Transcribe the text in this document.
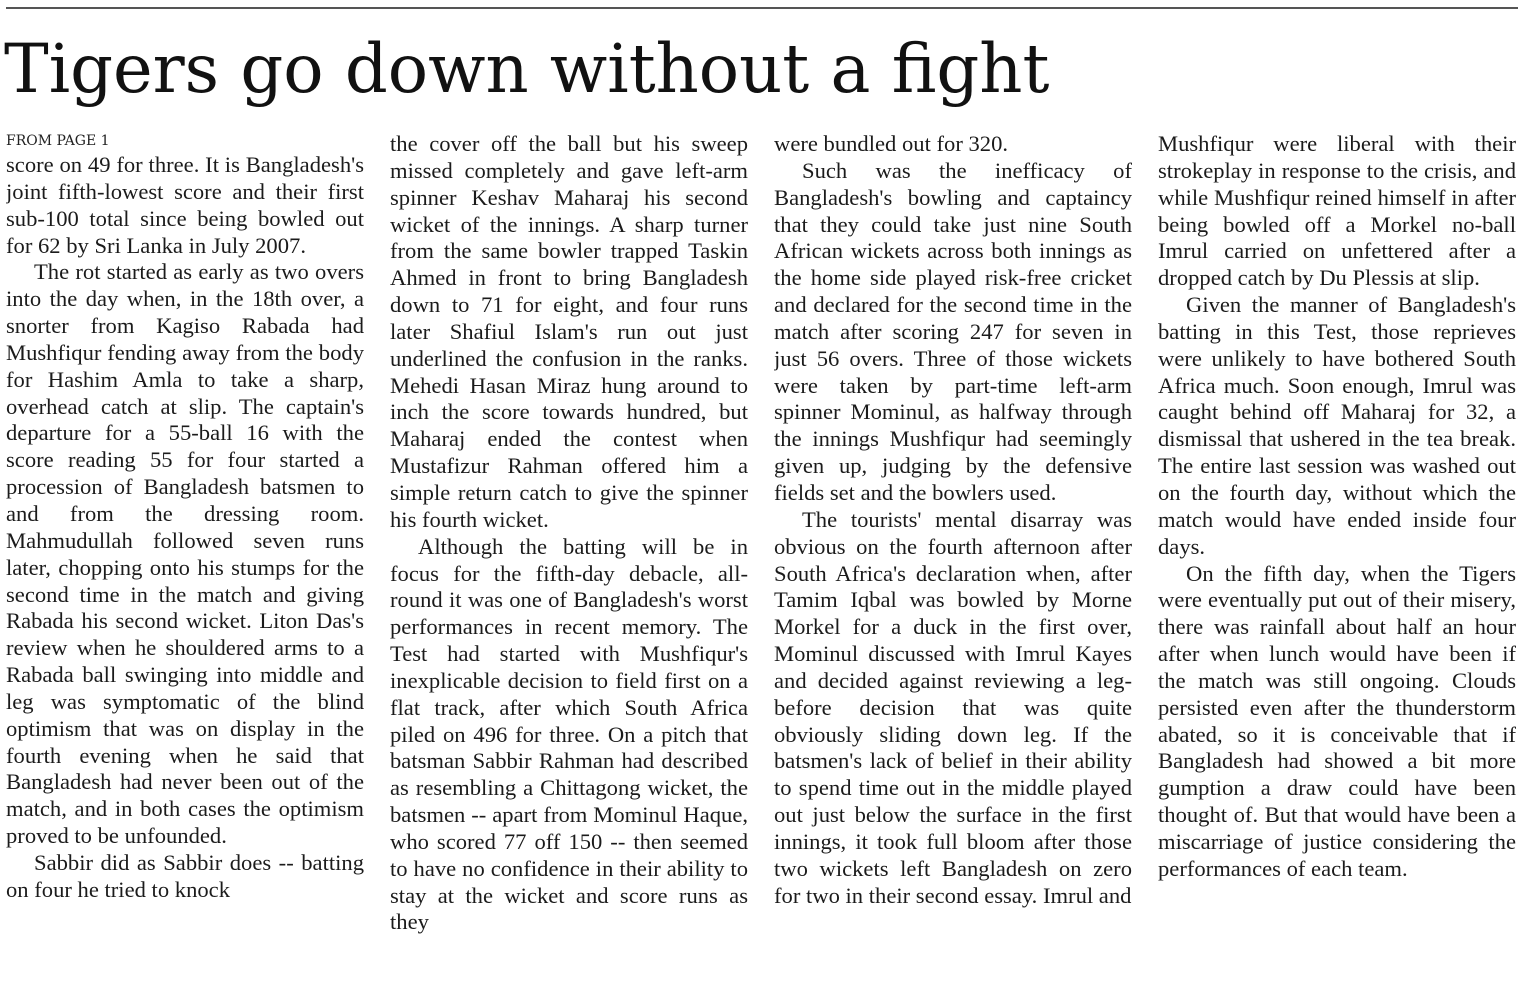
Tigers go down without a fight
FROM PAGE 1

score on 49 for three. It is Bangladesh's joint fifth-lowest score and their first sub-100 total since being bowled out for 62 by Sri Lanka in July 2007.

The rot started as early as two overs into the day when, in the 18th over, a snorter from Kagiso Rabada had Mushfiqur fending away from the body for Hashim Amla to take a sharp, overhead catch at slip. The captain's departure for a 55-ball 16 with the score reading 55 for four started a procession of Bangladesh batsmen to and from the dressing room. Mahmudullah followed seven runs later, chopping onto his stumps for the second time in the match and giving Rabada his second wicket. Liton Das's review when he shouldered arms to a Rabada ball swinging into middle and leg was symptomatic of the blind optimism that was on display in the fourth evening when he said that Bangladesh had never been out of the match, and in both cases the optimism proved to be unfounded.

Sabbir did as Sabbir does -- batting on four he tried to knock

the cover off the ball but his sweep missed completely and gave left-arm spinner Keshav Maharaj his second wicket of the innings. A sharp turner from the same bowler trapped Taskin Ahmed in front to bring Bangladesh down to 71 for eight, and four runs later Shafiul Islam's run out just underlined the confusion in the ranks. Mehedi Hasan Miraz hung around to inch the score towards hundred, but Maharaj ended the contest when Mustafizur Rahman offered him a simple return catch to give the spinner his fourth wicket.

Although the batting will be in focus for the fifth-day debacle, all-round it was one of Bangladesh's worst performances in recent memory. The Test had started with Mushfiqur's inexplicable decision to field first on a flat track, after which South Africa piled on 496 for three. On a pitch that batsman Sabbir Rahman had described as resembling a Chittagong wicket, the batsmen -- apart from Mominul Haque, who scored 77 off 150 -- then seemed to have no confidence in their ability to stay at the wicket and score runs as they

were bundled out for 320.

Such was the inefficacy of Bangladesh's bowling and captaincy that they could take just nine South African wickets across both innings as the home side played risk-free cricket and declared for the second time in the match after scoring 247 for seven in just 56 overs. Three of those wickets were taken by part-time left-arm spinner Mominul, as halfway through the innings Mushfiqur had seemingly given up, judging by the defensive fields set and the bowlers used.

The tourists' mental disarray was obvious on the fourth afternoon after South Africa's declaration when, after Tamim Iqbal was bowled by Morne Morkel for a duck in the first over, Mominul discussed with Imrul Kayes and decided against reviewing a leg-before decision that was quite obviously sliding down leg. If the batsmen's lack of belief in their ability to spend time out in the middle played out just below the surface in the first innings, it took full bloom after those two wickets left Bangladesh on zero for two in their second essay. Imrul and

Mushfiqur were liberal with their strokeplay in response to the crisis, and while Mushfiqur reined himself in after being bowled off a Morkel no-ball Imrul carried on unfettered after a dropped catch by Du Plessis at slip.

Given the manner of Bangladesh's batting in this Test, those reprieves were unlikely to have bothered South Africa much. Soon enough, Imrul was caught behind off Maharaj for 32, a dismissal that ushered in the tea break. The entire last session was washed out on the fourth day, without which the match would have ended inside four days.

On the fifth day, when the Tigers were eventually put out of their misery, there was rainfall about half an hour after when lunch would have been if the match was still ongoing. Clouds persisted even after the thunderstorm abated, so it is conceivable that if Bangladesh had showed a bit more gumption a draw could have been thought of. But that would have been a miscarriage of justice considering the performances of each team.
